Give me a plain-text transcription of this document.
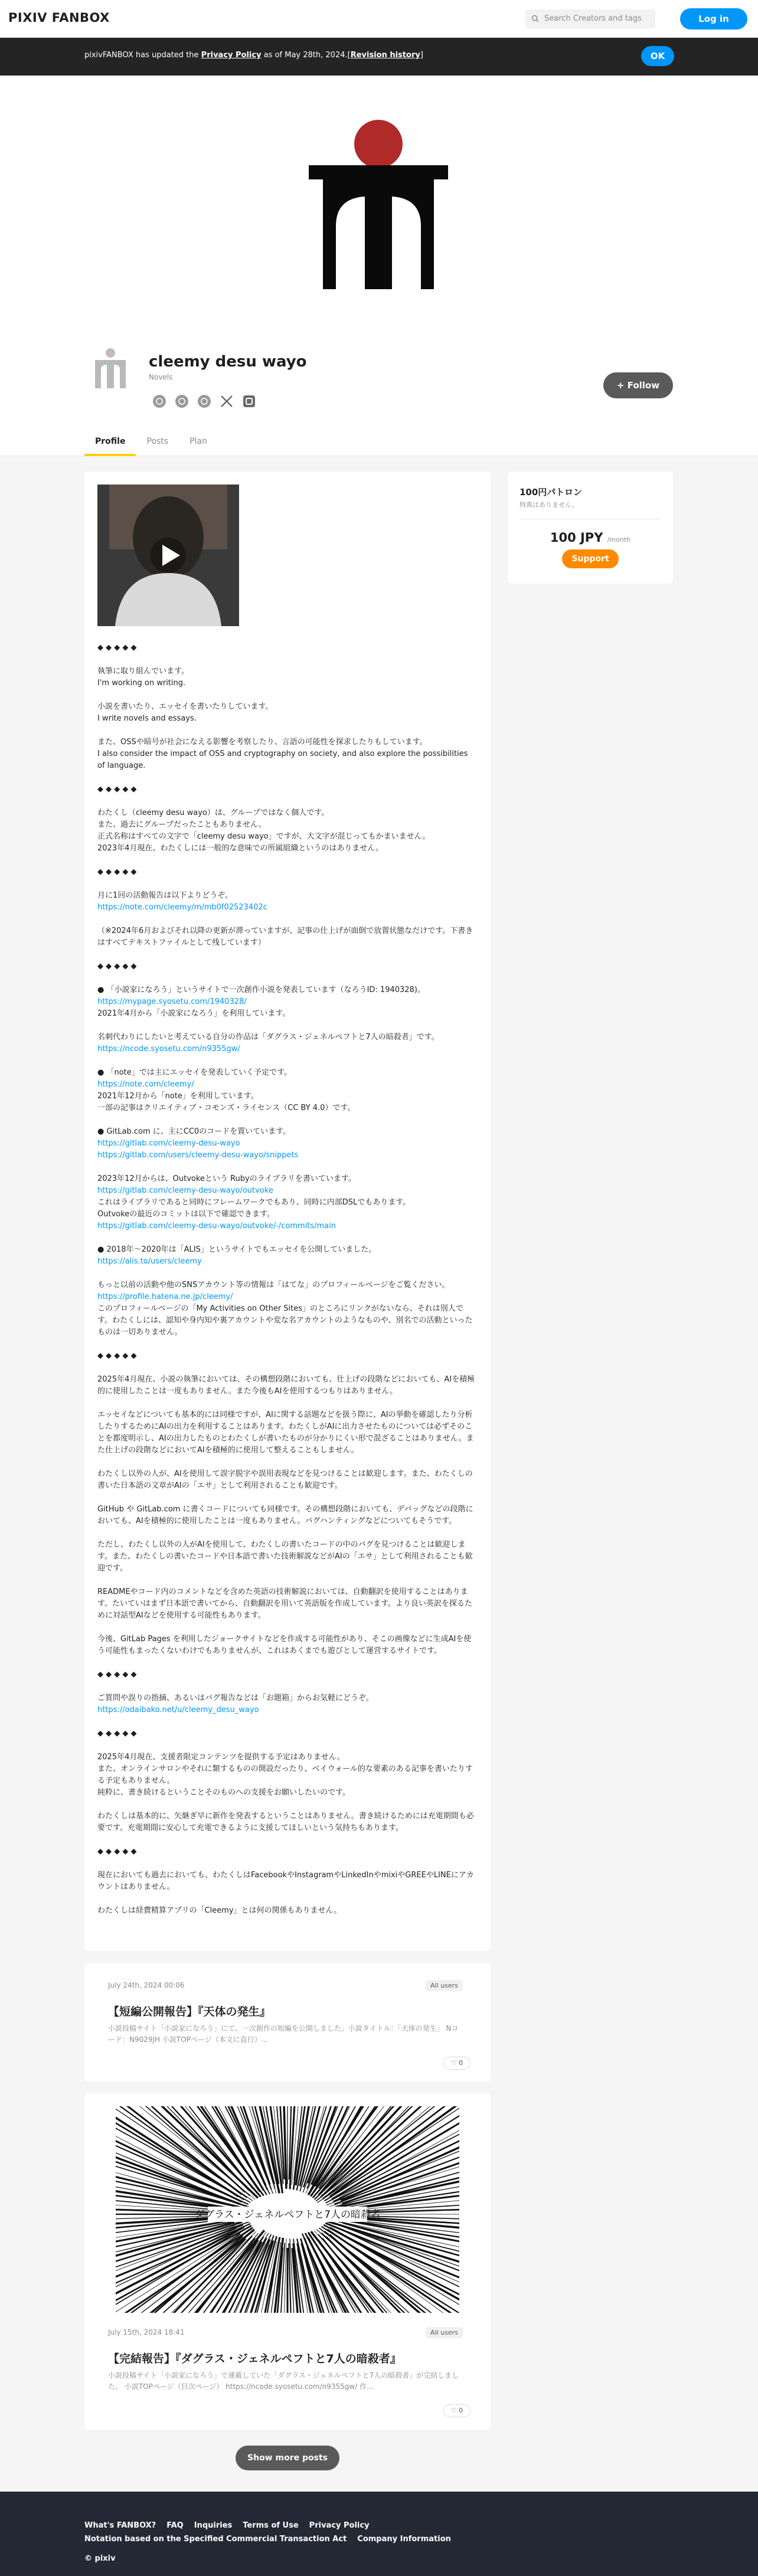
PIXIV FANBOX	Search Creators and tags	Log in
pixivFANBOX has updated the Privacy Policy as of May 28th, 2024.[Revision history]	OK
cleemy desu wayo
Novels
+ Follow
Profile	Posts	Plan

◆ ◆ ◆ ◆ ◆

執筆に取り組んでいます。
I'm working on writing.

小説を書いたり、エッセイを書いたりしています。
I write novels and essays.

また、OSSや暗号が社会になえる影響を考察したり、言語の可能性を探求したりもしています。
I also consider the impact of OSS and cryptography on society, and also explore the possibilities of language.

◆ ◆ ◆ ◆ ◆

わたくし（cleemy desu wayo）は、グループではなく個人です。
また、過去にグループだったこともありません。
正式名称はすべての文字で「cleemy desu wayo」ですが、大文字が混じってもかまいません。
2023年4月現在、わたくしには一般的な意味での所属組織というのはありません。

◆ ◆ ◆ ◆ ◆

月に1回の活動報告は以下よりどうぞ。
https://note.com/cleemy/m/mb0f02523402c

（※2024年6月およびそれ以降の更新が滞っていますが、記事の仕上げが面倒で放置状態なだけです。下書きはすべてテキストファイルとして残しています）

◆ ◆ ◆ ◆ ◆

● 「小説家になろう」というサイトで一次創作小説を発表しています（なろうID: 1940328)。
https://mypage.syosetu.com/1940328/
2021年4月から「小説家になろう」を利用しています。

名刺代わりにしたいと考えている自分の作品は「ダグラス・ジェネルペフトと7人の暗殺者」です。
https://ncode.syosetu.com/n9355gw/

● 「note」では主にエッセイを発表していく予定です。
https://note.com/cleemy/
2021年12月から「note」を利用しています。
一部の記事はクリエイティブ・コモンズ・ライセンス（CC BY 4.0）です。

● GitLab.com に、主にCC0のコードを置いています。
https://gitlab.com/cleemy-desu-wayo
https://gitlab.com/users/cleemy-desu-wayo/snippets

2023年12月からは、Outvokeという Rubyのライブラリを書いています。
https://gitlab.com/cleemy-desu-wayo/outvoke
これはライブラリであると同時にフレームワークでもあり、同時に内部DSLでもあります。
Outvokeの最近のコミットは以下で確認できます。
https://gitlab.com/cleemy-desu-wayo/outvoke/-/commits/main

● 2018年〜2020年は「ALIS」というサイトでもエッセイを公開していました。
https://alis.to/users/cleemy

もっと以前の活動や他のSNSアカウント等の情報は「はてな」のプロフィールページをご覧ください。
https://profile.hatena.ne.jp/cleemy/
このプロフィールページの「My Activities on Other Sites」のところにリンクがないなら、それは別人です。わたくしには、認知や身内知や裏アカウントや変な名アカウントのようなものや、別名での活動といったものは一切ありません。

◆ ◆ ◆ ◆ ◆

2025年4月現在、小説の執筆においては、その構想段階においても、仕上げの段階などにおいても、AIを積極的に使用したことは一度もありません。また今後もAIを使用するつもりはありません。

エッセイなどについても基本的には同様ですが、AIに関する話題などを扱う際に、AIの挙動を確認したり分析したりするためにAIの出力を利用することはあります。わたくしがAIに出力させたものについては必ずそのことを都度明示し、AIの出力したものとわたくしが書いたものが分かりにくい形で混ざることはありません。また仕上げの段階などにおいてAIを積極的に使用して整えることもしません。

わたくし以外の人が、AIを使用して誤字脱字や誤用表現などを見つけることは歓迎します。また、わたくしの書いた日本語の文章がAIの「エサ」として利用されることも歓迎です。

GitHub や GitLab.com に書くコードについても同様です。その構想段階においても、デバッグなどの段階においても、AIを積極的に使用したことは一度もありません。バグハンティングなどについてもそうです。

ただし、わたくし以外の人がAIを使用して、わたくしの書いたコードの中のバグを見つけることは歓迎します。また、わたくしの書いたコードや日本語で書いた技術解説などがAIの「エサ」として利用されることも歓迎です。

READMEやコード内のコメントなどを含めた英語の技術解説においては、自動翻訳を使用することはあります。たいていはまず日本語で書いてから、自動翻訳を用いて英語版を作成しています。より良い英訳を探るために対話型AIなどを使用する可能性もあります。

今後、GitLab Pages を利用したジョークサイトなどを作成する可能性があり、そこの画像などに生成AIを使う可能性もまったくないわけでもありませんが、これはあくまでも遊びとして運営するサイトです。

◆ ◆ ◆ ◆ ◆

ご質問や誤りの指摘、あるいはバグ報告などは「お題箱」からお気軽にどうぞ。
https://odaibako.net/u/cleemy_desu_wayo

◆ ◆ ◆ ◆ ◆

2025年4月現在、支援者限定コンテンツを提供する予定はありません。
また、オンラインサロンやそれに類するものの開設だったり、ベイウォール的な要素のある記事を書いたりする予定もありません。
純粋に、書き続けるということそのものへの支援をお願いしたいのです。

わたくしは基本的に、矢継ぎ早に新作を発表するということはありません。書き続けるためには充電期間も必要です。充電期間に安心して充電できるように支援してほしいという気持ちもあります。

◆ ◆ ◆ ◆ ◆

現在においても過去においても、わたくしはFacebookやInstagramやLinkedInやmixiやGREEやLINEにアカウントはありません。

わたくしは経費精算アプリの「Cleemy」とは何の関係もありません。

100円パトロン
特典はありません。
100 JPY /month
Support
July 24th, 2024 00:06	All users
【短編公開報告】『天体の発生』
小説投稿サイト「小説家になろう」にて、一次創作の短編を公開しました。小説タイトル：「天体の発生」 Nコード：N9029JH 小説TOPページ（本文に直行）...
♡ 0
ダグラス・ジェネルペフトと7人の暗殺者
July 15th, 2024 18:41	All users
【完結報告】『ダグラス・ジェネルペフトと7人の暗殺者』
小説投稿サイト「小説家になろう」で連載していた「ダグラス・ジェネルペフトと7人の暗殺者」が完結しました。 小説TOPページ（目次ページ） https://ncode.syosetu.com/n9355gw/ 作...
♡ 0
Show more posts
What's FANBOX? FAQ Inquiries Terms of Use Privacy Policy
Notation based on the Specified Commercial Transaction Act Company Information
© pixiv
